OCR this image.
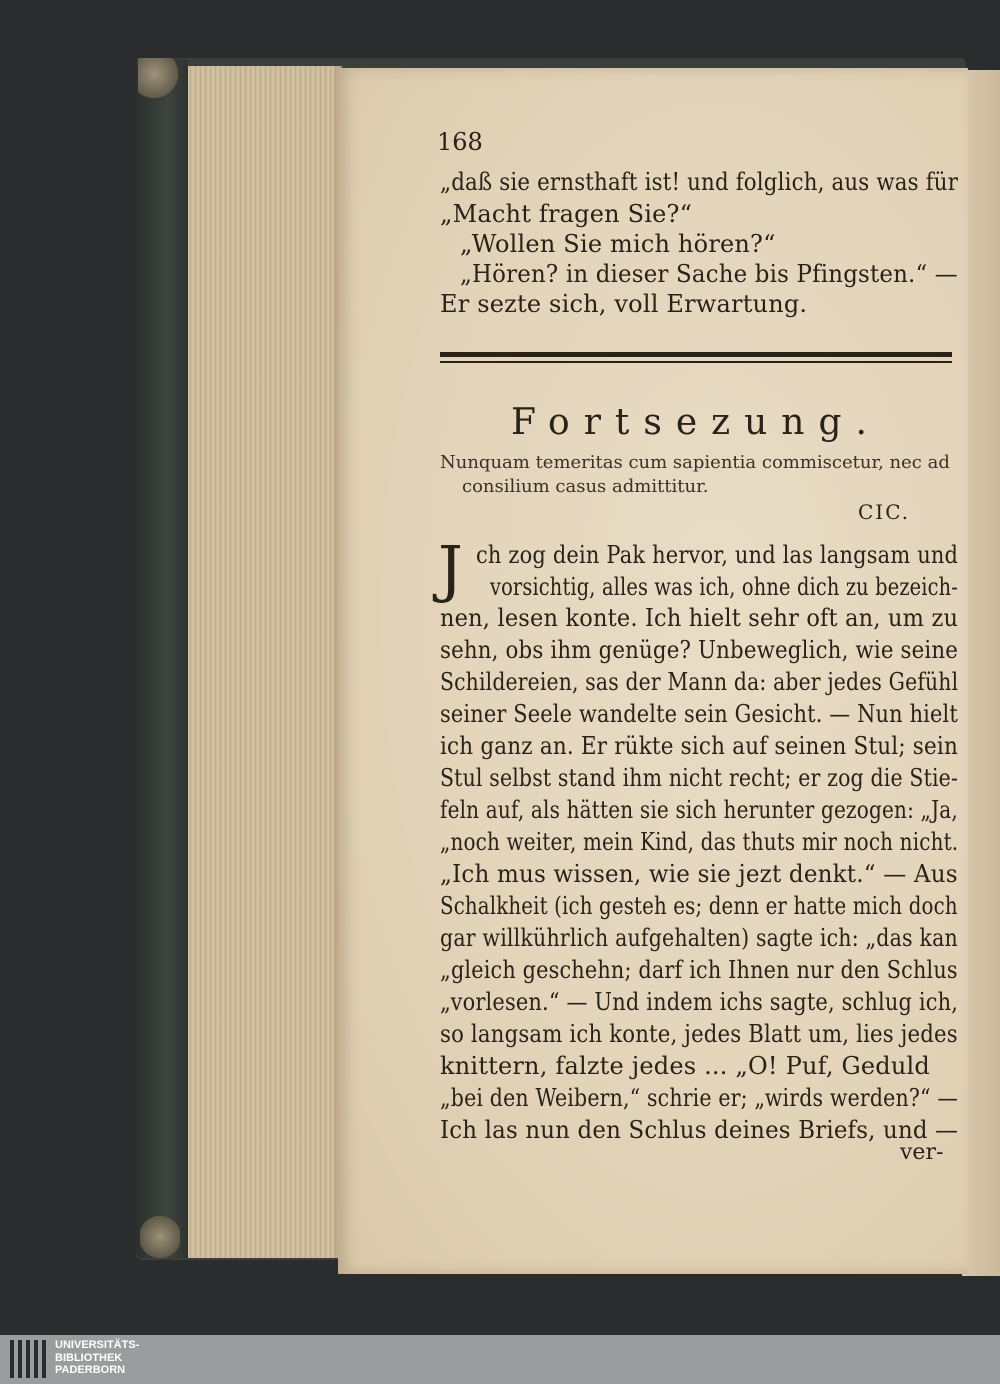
168
„daß sie ernsthaft ist! und folglich, aus was für
„Macht fragen Sie?“
„Wollen Sie mich hören?“
„Hören? in dieser Sache bis Pfingsten.“ —
Er sezte sich, voll Erwartung.
Fortsezung.
Nunquam temeritas cum sapientia commiscetur, nec ad
consilium casus admittitur.
CIC.
J ch zog dein Pak hervor, und las langsam und
vorsichtig, alles was ich, ohne dich zu bezeich-
nen, lesen konte. Ich hielt sehr oft an, um zu
sehn, obs ihm genüge? Unbeweglich, wie seine
Schildereien, sas der Mann da: aber jedes Gefühl
seiner Seele wandelte sein Gesicht. — Nun hielt
ich ganz an. Er rükte sich auf seinen Stul; sein
Stul selbst stand ihm nicht recht; er zog die Stie-
feln auf, als hätten sie sich herunter gezogen: „Ja,
„noch weiter, mein Kind, das thuts mir noch nicht.
„Ich mus wissen, wie sie jezt denkt.“ — Aus
Schalkheit (ich gesteh es; denn er hatte mich doch
gar willkührlich aufgehalten) sagte ich: „das kan
„gleich geschehn; darf ich Ihnen nur den Schlus
„vorlesen.“ — Und indem ichs sagte, schlug ich,
so langsam ich konte, jedes Blatt um, lies jedes
knittern, falzte jedes ... „O! Puf, Geduld
„bei den Weibern,“ schrie er; „wirds werden?“ —
Ich las nun den Schlus deines Briefs, und —
ver-
UNIVERSITÄTS-
BIBLIOTHEK
PADERBORN
